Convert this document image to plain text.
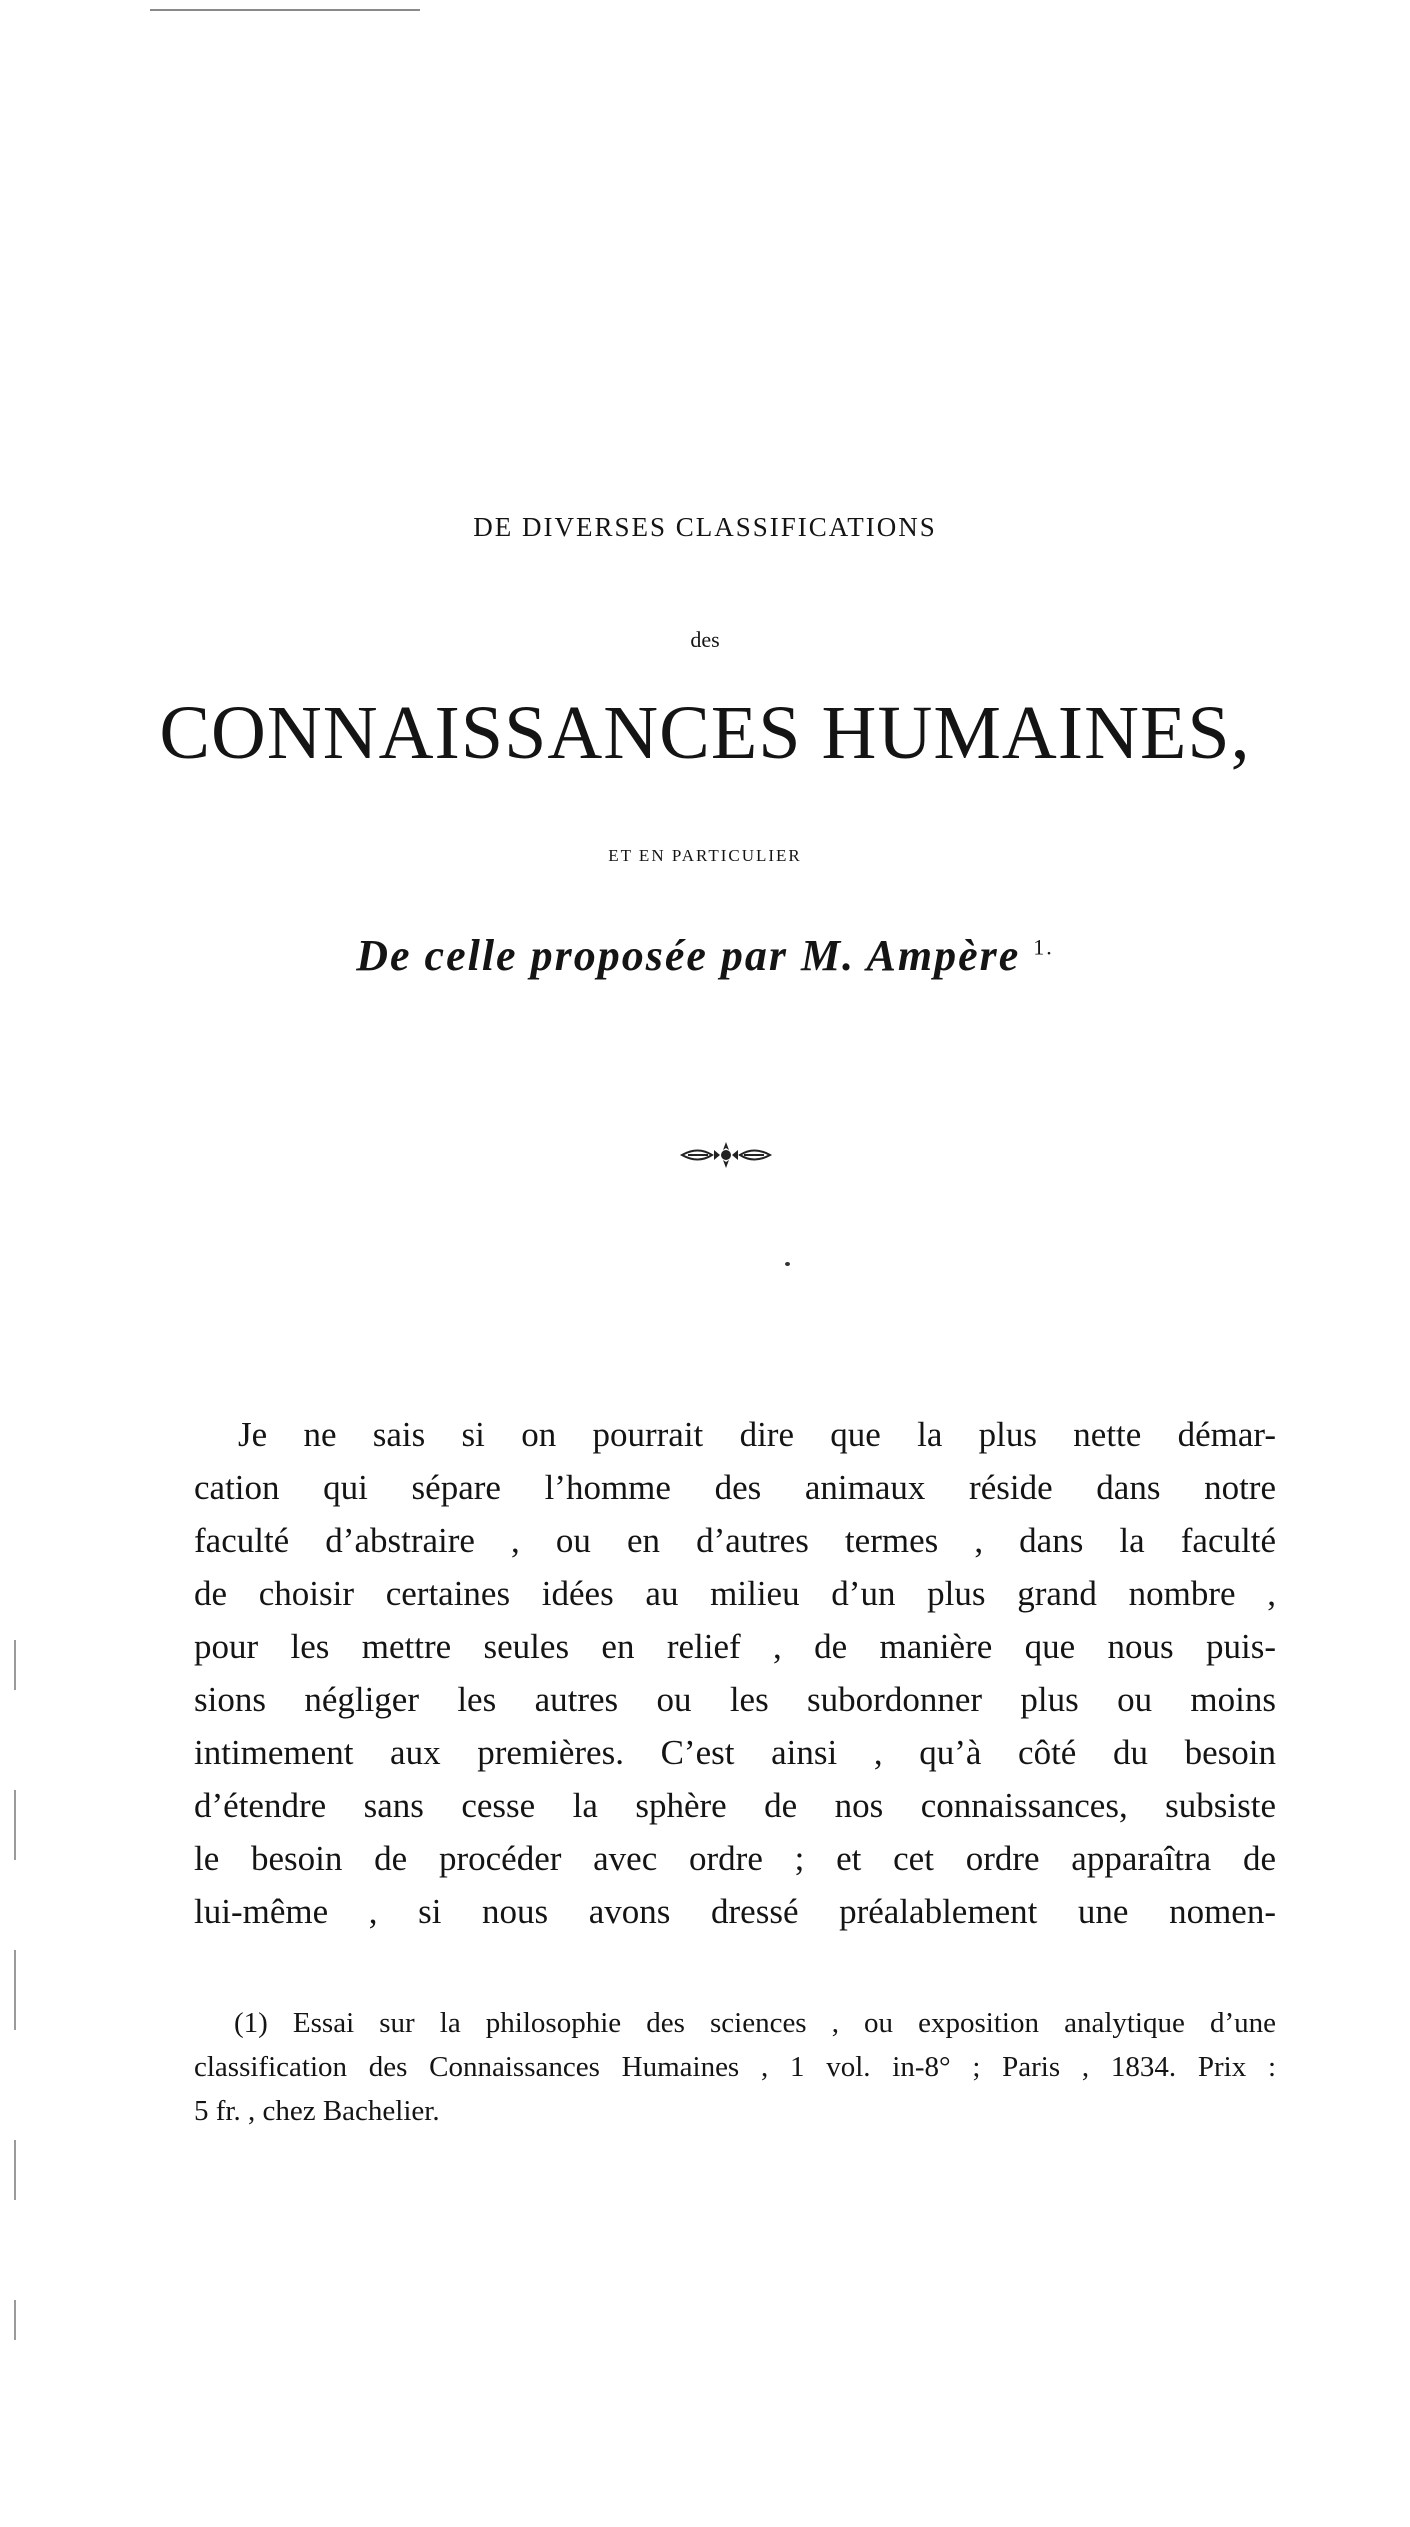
DE DIVERSES CLASSIFICATIONS
des
CONNAISSANCES HUMAINES,
ET EN PARTICULIER
De celle proposée par M. Ampère $^{1.}$
Je ne sais si on pourrait dire que la plus nette démar-
cation qui sépare l’homme des animaux réside dans notre
faculté d’abstraire , ou en d’autres termes , dans la faculté
de choisir certaines idées au milieu d’un plus grand nombre ,
pour les mettre seules en relief , de manière que nous puis-
sions négliger les autres ou les subordonner plus ou moins
intimement aux premières. C’est ainsi , qu’à côté du besoin
d’étendre sans cesse la sphère de nos connaissances, subsiste
le besoin de procéder avec ordre ; et cet ordre apparaîtra de
lui-même , si nous avons dressé préalablement une nomen-
(1) Essai sur la philosophie des sciences , ou exposition analytique d’une
classification des Connaissances Humaines , 1 vol. in-8° ; Paris , 1834. Prix :
5 fr. , chez Bachelier.
